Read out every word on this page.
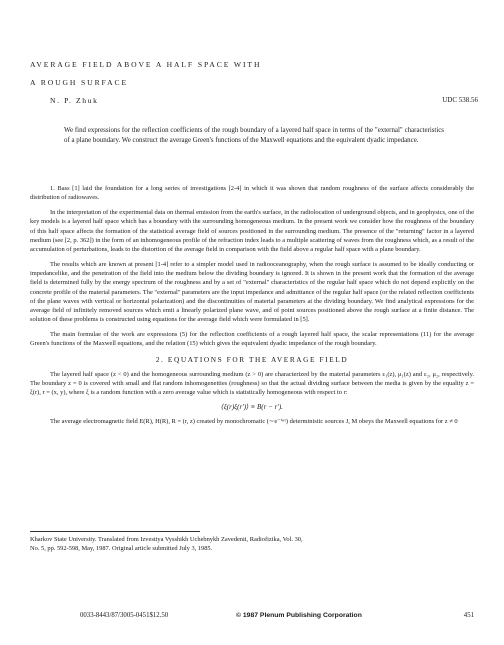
AVERAGE FIELD ABOVE A HALF SPACE WITH
A ROUGH SURFACE
N. P. Zhuk	UDC 538.56
We find expressions for the reflection coefficients of the rough boundary of a layered half space in terms of the "external" characteristics of a plane boundary. We construct the average Green's functions of the Maxwell equations and the equivalent dyadic impedance.

1. Bass [1] laid the foundation for a long series of investigations [2-4] in which it was shown that random roughness of the surface affects considerably the distribution of radiowaves.

In the interpretation of the experimental data on thermal emission from the earth's surface, in the radiolocation of underground objects, and in geophysics, one of the key models is a layered half space which has a boundary with the surrounding homogeneous medium. In the present work we consider how the roughness of the boundary of this half space affects the formation of the statistical average field of sources positioned in the surrounding medium. The presence of the "returning" factor in a layered medium (see [2, p. 362]) in the form of an inhomogeneous profile of the refraction index leads to a multiple scattering of waves from the roughness which, as a result of the accumulation of perturbations, leads to the distortion of the average field in comparison with the field above a regular half space with a plane boundary.

The results which are known at present [1-4] refer to a simpler model used in radiooceanography, when the rough surface is assumed to be ideally conducting or impedancelike, and the penetration of the field into the medium below the dividing boundary is ignored. It is shown in the present work that the formation of the average field is determined fully by the energy spectrum of the roughness and by a set of "external" characteristics of the regular half space which do not depend explicitly on the concrete profile of the material parameters. The "external" parameters are the input impedance and admittance of the regular half space (or the related reflection coefficients of the plane waves with vertical or horizontal polarization) and the discontinuities of material parameters at the dividing boundary. We find analytical expressions for the average field of infinitely removed sources which emit a linearly polarized plane wave, and of point sources positioned above the rough surface at a finite distance. The solution of these problems is constructed using equations for the average field which were formulated in [5].

The main formulae of the work are expressions (5) for the reflection coefficients of a rough layered half space, the scalar representations (11) for the average Green's functions of the Maxwell equations, and the relation (15) which gives the equivalent dyadic impedance of the rough boundary.

2. EQUATIONS FOR THE AVERAGE FIELD

The layered half space (z < 0) and the homogeneous surrounding medium (z > 0) are characterized by the material parameters ε₁(z), μ₁(z) and ε₂, μ₂, respectively. The boundary z = 0 is covered with small and flat random inhomogeneities (roughness) so that the actual dividing surface between the media is given by the equality z = ξ(r), r = (x, y), where ξ is a random function with a zero average value which is statistically homogeneous with respect to r:

⟨ξ(r)ξ(r′)⟩ ≡ B(r − r′).

The average electromagnetic field E(R), H(R), R = (r, z) created by monochromatic (∼e⁻ⁱʷᵗ) deterministic sources J, M obeys the Maxwell equations for z ≠ 0

Kharkov State University. Translated from Izvestiya Vysshikh Uchebnykh Zavedenii, Radiofizika, Vol. 30,
No. 5, pp. 592-598, May, 1987. Original article submitted July 3, 1985.
0033-8443/87/3005-0451$12.50	© 1987 Plenum Publishing Corporation	451
